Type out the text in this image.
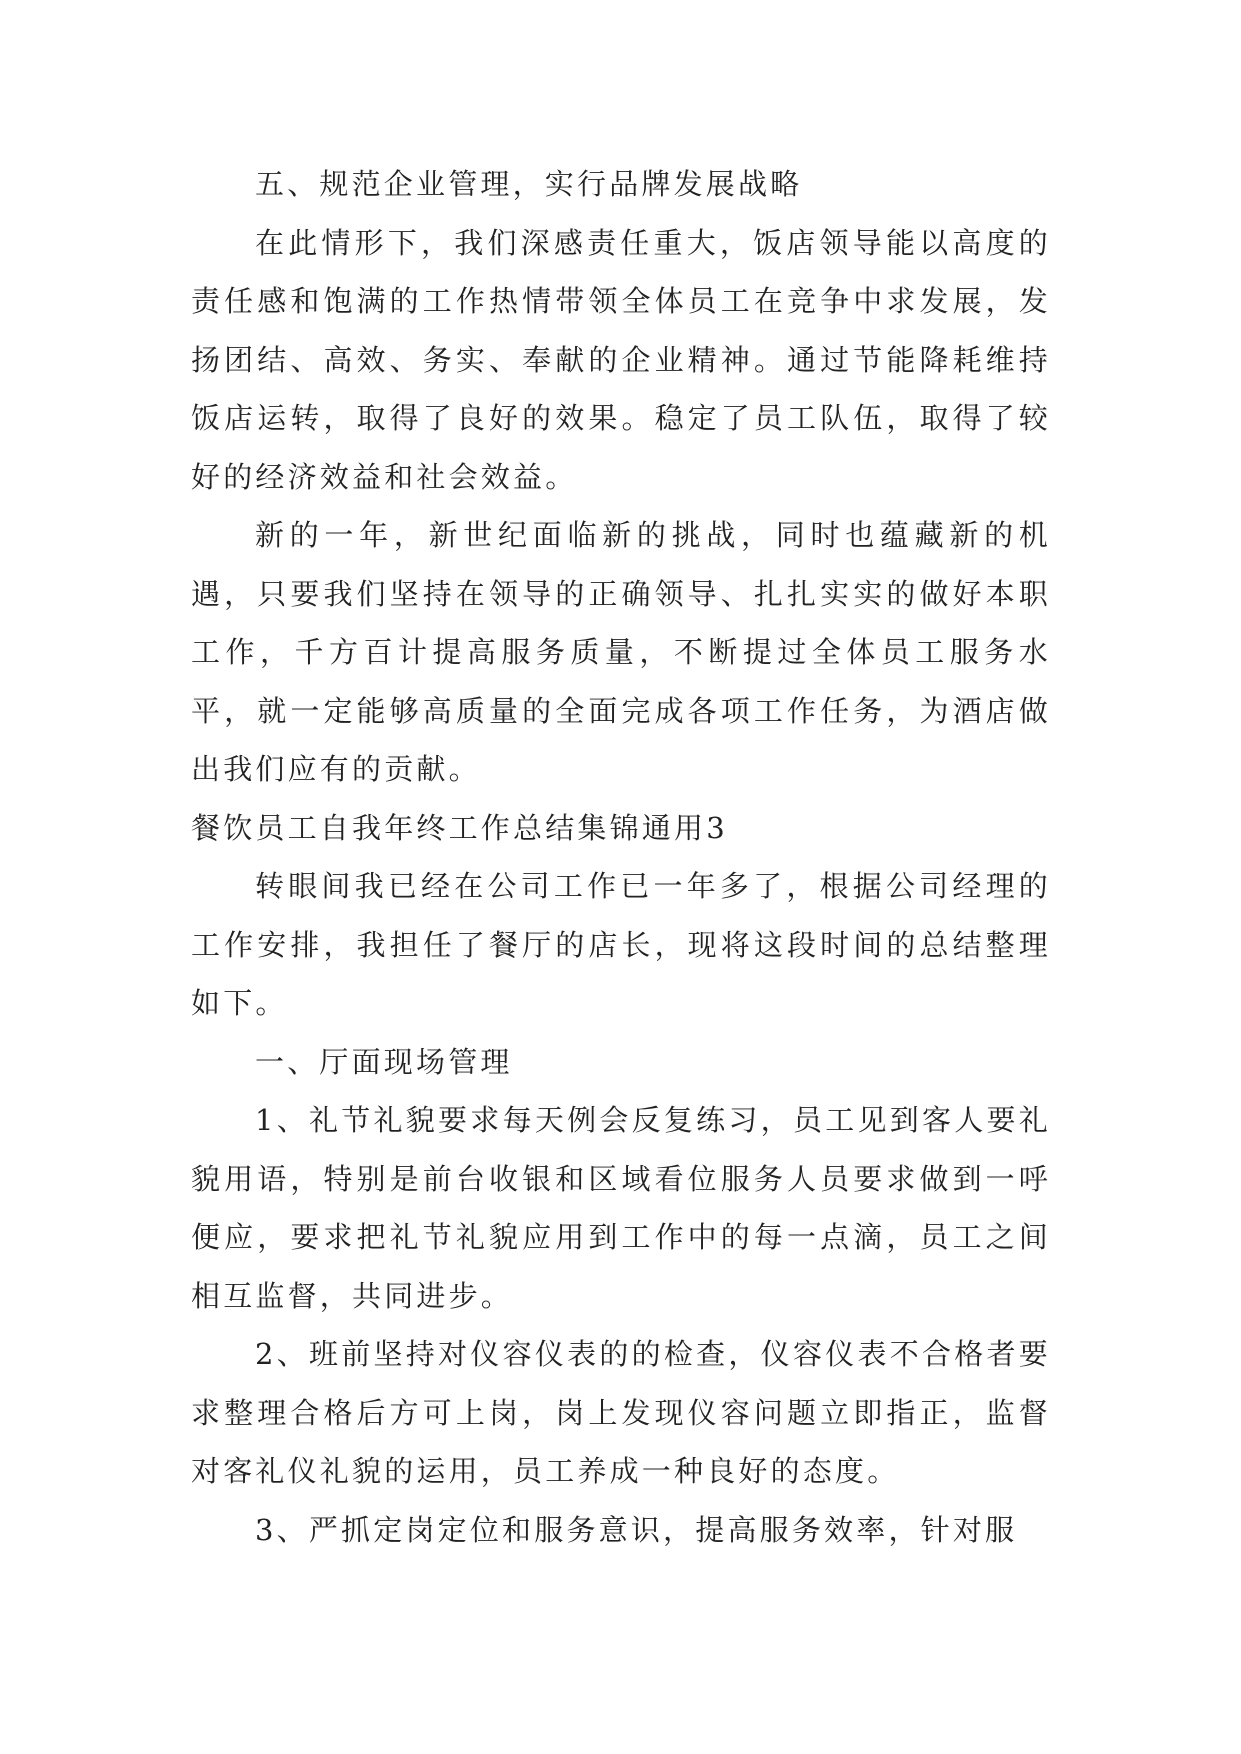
五、规范企业管理，实行品牌发展战略

在此情形下，我们深感责任重大，饭店领导能以高度的责任感和饱满的工作热情带领全体员工在竞争中求发展，发扬团结、高效、务实、奉献的企业精神。通过节能降耗维持饭店运转，取得了良好的效果。稳定了员工队伍，取得了较好的经济效益和社会效益。

新的一年，新世纪面临新的挑战，同时也蕴藏新的机遇，只要我们坚持在领导的正确领导、扎扎实实的做好本职工作，千方百计提高服务质量，不断提过全体员工服务水平，就一定能够高质量的全面完成各项工作任务，为酒店做出我们应有的贡献。

餐饮员工自我年终工作总结集锦通用3

转眼间我已经在公司工作已一年多了，根据公司经理的工作安排，我担任了餐厅的店长，现将这段时间的总结整理如下。

一、厅面现场管理

1、礼节礼貌要求每天例会反复练习，员工见到客人要礼貌用语，特别是前台收银和区域看位服务人员要求做到一呼便应，要求把礼节礼貌应用到工作中的每一点滴，员工之间相互监督，共同进步。

2、班前坚持对仪容仪表的的检查，仪容仪表不合格者要求整理合格后方可上岗，岗上发现仪容问题立即指正，监督对客礼仪礼貌的运用，员工养成一种良好的态度。

3、严抓定岗定位和服务意识，提高服务效率，针对服
